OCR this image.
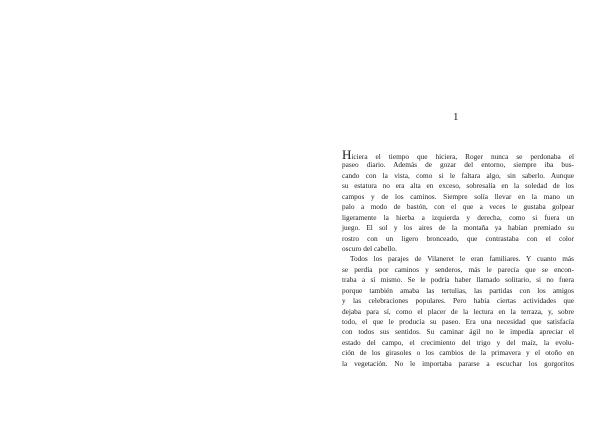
1
Hiciera el tiempo que hiciera, Roger nunca se perdonaba el
paseo diario. Además de gozar del entorno, siempre iba bus-
cando con la vista, como si le faltara algo, sin saberlo. Aunque
su estatura no era alta en exceso, sobresalía en la soledad de los
campos y de los caminos. Siempre solía llevar en la mano un
palo a modo de bastón, con el que a veces le gustaba golpear
ligeramente la hierba a izquierda y derecha, como si fuera un
juego. El sol y los aires de la montaña ya habían premiado su
rostro con un ligero bronceado, que contrastaba con el color
oscuro del cabello.
Todos los parajes de Vilaneret le eran familiares. Y cuanto más
se perdía por caminos y senderos, más le parecía que se encon-
traba a sí mismo. Se le podría haber llamado solitario, si no fuera
porque también amaba las tertulias, las partidas con los amigos
y las celebraciones populares. Pero había ciertas actividades que
dejaba para sí, como el placer de la lectura en la terraza, y, sobre
todo, el que le producía su paseo. Era una necesidad que satisfacía
con todos sus sentidos. Su caminar ágil no le impedía apreciar el
estado del campo, el crecimiento del trigo y del maíz, la evolu-
ción de los girasoles o los cambios de la primavera y el otoño en
la vegetación. No le importaba pararse a escuchar los gorgoritos
